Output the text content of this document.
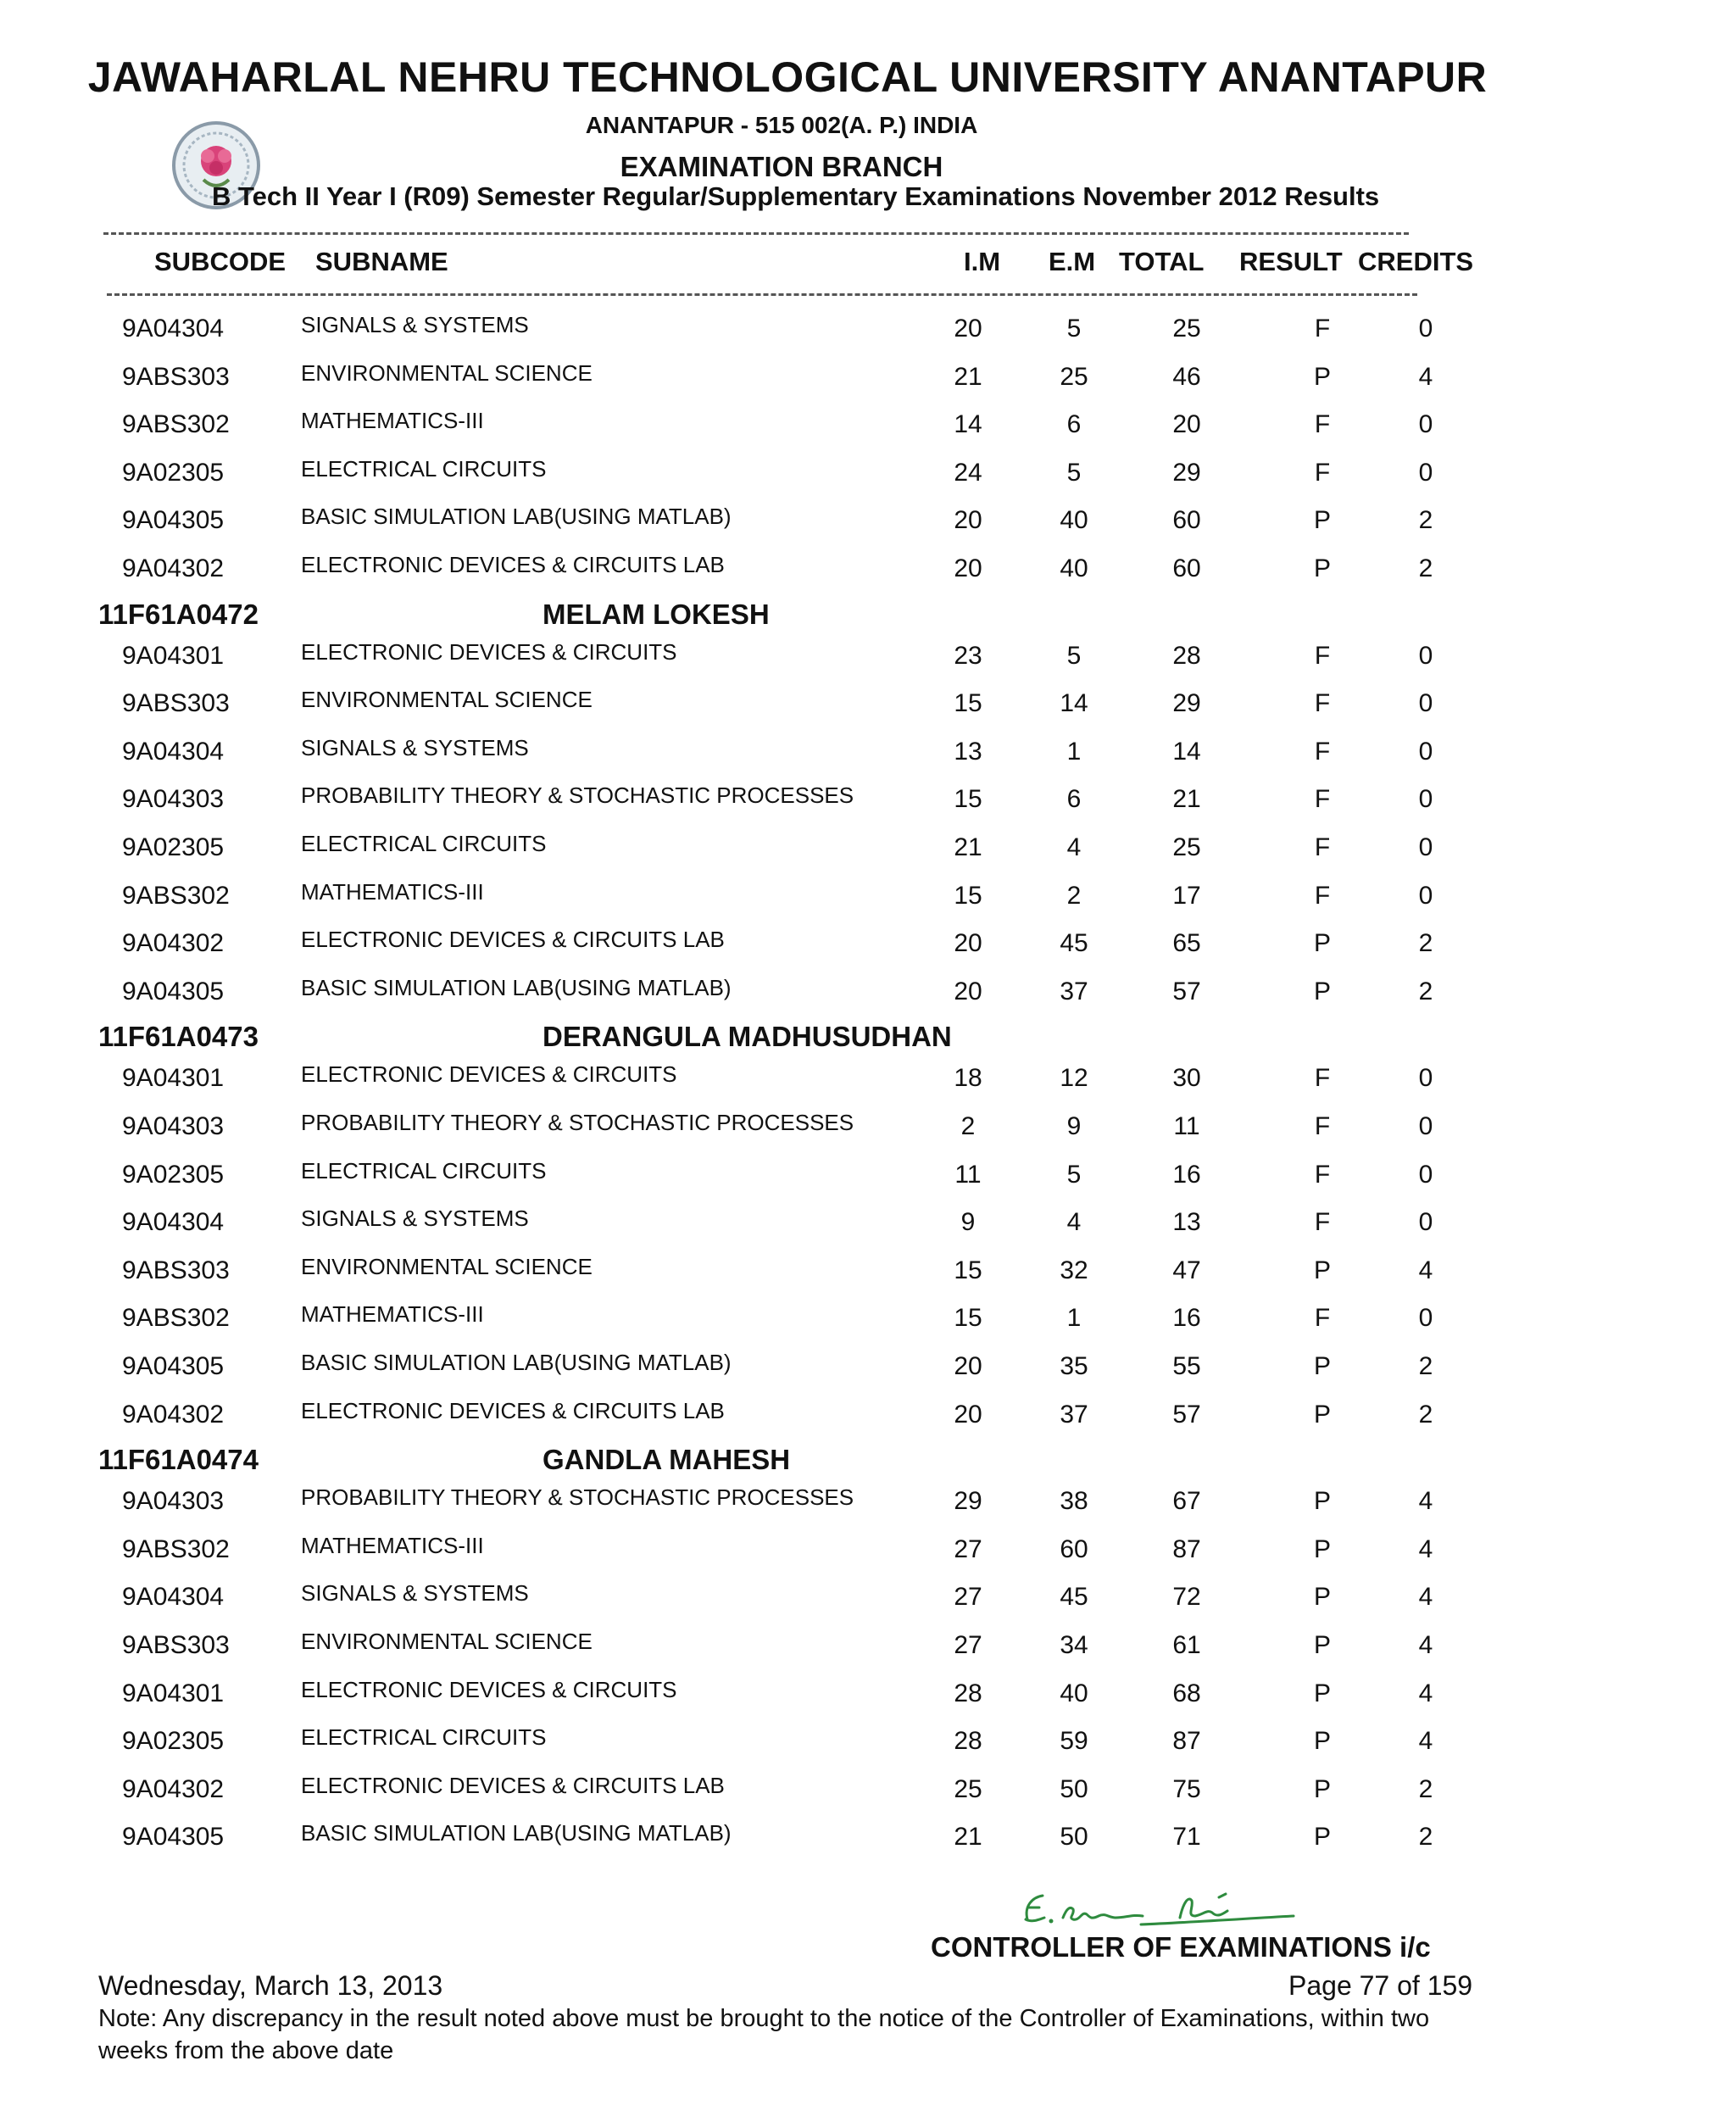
JAWAHARLAL NEHRU TECHNOLOGICAL UNIVERSITY ANANTAPUR
ANANTAPUR - 515 002(A. P.) INDIA
EXAMINATION BRANCH
B Tech II Year I (R09) Semester Regular/Supplementary Examinations November 2012 Results
SUBCODE SUBNAME	I.M E.M TOTAL RESULT CREDITS
9A04304	SIGNALS & SYSTEMS	20	5	25	F	0
9ABS303	ENVIRONMENTAL SCIENCE	21	25	46	P	4
9ABS302	MATHEMATICS-III	14	6	20	F	0
9A02305	ELECTRICAL CIRCUITS	24	5	29	F	0
9A04305	BASIC SIMULATION LAB(USING MATLAB)	20	40	60	P	2
9A04302	ELECTRONIC DEVICES & CIRCUITS LAB	20	40	60	P	2
11F61A0472	MELAM LOKESH
9A04301	ELECTRONIC DEVICES & CIRCUITS	23	5	28	F	0
9ABS303	ENVIRONMENTAL SCIENCE	15	14	29	F	0
9A04304	SIGNALS & SYSTEMS	13	1	14	F	0
9A04303	PROBABILITY THEORY & STOCHASTIC PROCESSES	15	6	21	F	0
9A02305	ELECTRICAL CIRCUITS	21	4	25	F	0
9ABS302	MATHEMATICS-III	15	2	17	F	0
9A04302	ELECTRONIC DEVICES & CIRCUITS LAB	20	45	65	P	2
9A04305	BASIC SIMULATION LAB(USING MATLAB)	20	37	57	P	2
11F61A0473	DERANGULA MADHUSUDHAN
9A04301	ELECTRONIC DEVICES & CIRCUITS	18	12	30	F	0
9A04303	PROBABILITY THEORY & STOCHASTIC PROCESSES	2	9	11	F	0
9A02305	ELECTRICAL CIRCUITS	11	5	16	F	0
9A04304	SIGNALS & SYSTEMS	9	4	13	F	0
9ABS303	ENVIRONMENTAL SCIENCE	15	32	47	P	4
9ABS302	MATHEMATICS-III	15	1	16	F	0
9A04305	BASIC SIMULATION LAB(USING MATLAB)	20	35	55	P	2
9A04302	ELECTRONIC DEVICES & CIRCUITS LAB	20	37	57	P	2
11F61A0474	GANDLA MAHESH
9A04303	PROBABILITY THEORY & STOCHASTIC PROCESSES	29	38	67	P	4
9ABS302	MATHEMATICS-III	27	60	87	P	4
9A04304	SIGNALS & SYSTEMS	27	45	72	P	4
9ABS303	ENVIRONMENTAL SCIENCE	27	34	61	P	4
9A04301	ELECTRONIC DEVICES & CIRCUITS	28	40	68	P	4
9A02305	ELECTRICAL CIRCUITS	28	59	87	P	4
9A04302	ELECTRONIC DEVICES & CIRCUITS LAB	25	50	75	P	2
9A04305	BASIC SIMULATION LAB(USING MATLAB)	21	50	71	P	2
CONTROLLER OF EXAMINATIONS i/c
Wednesday, March 13, 2013	Page 77 of 159
Note: Any discrepancy in the result noted above must be brought to the notice of the Controller of Examinations, within two weeks from the above date
